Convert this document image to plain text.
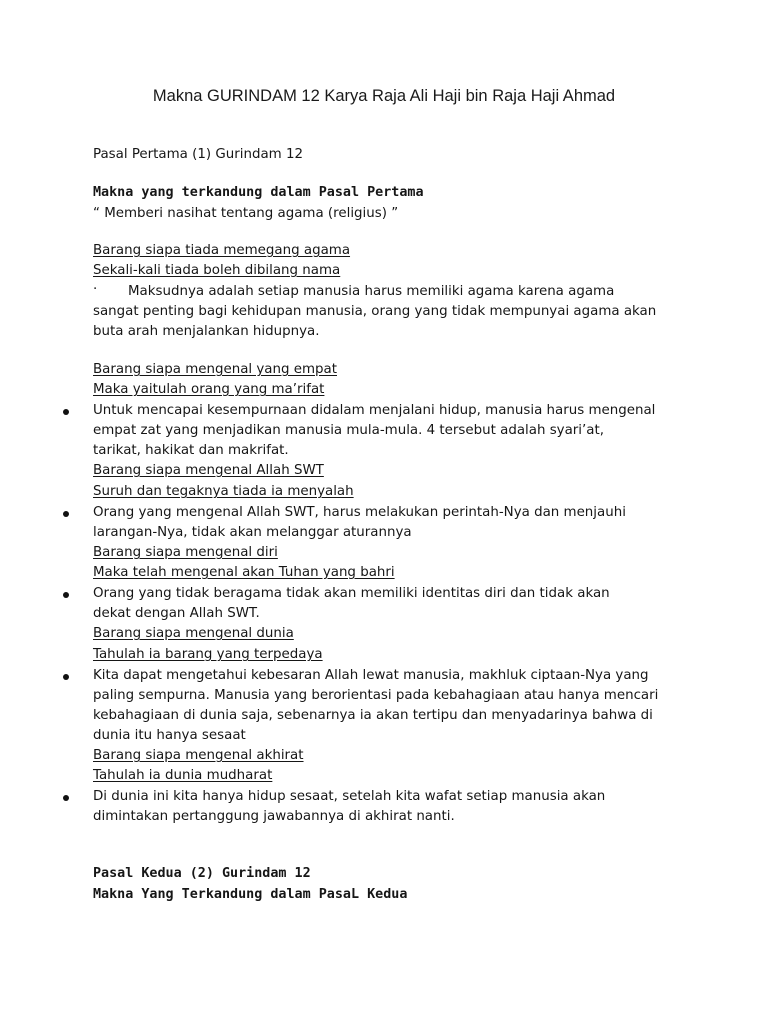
Makna GURINDAM 12 Karya Raja Ali Haji bin Raja Haji Ahmad
Pasal Pertama (1) Gurindam 12
Makna yang terkandung dalam Pasal Pertama
“ Memberi nasihat tentang agama (religius) ”
Barang siapa tiada memegang agama
Sekali-kali tiada boleh dibilang nama
· Maksudnya adalah setiap manusia harus memiliki agama karena agama
sangat penting bagi kehidupan manusia, orang yang tidak mempunyai agama akan
buta arah menjalankan hidupnya.
Barang siapa mengenal yang empat
Maka yaitulah orang yang ma’rifat
Untuk mencapai kesempurnaan didalam menjalani hidup, manusia harus mengenal
empat zat yang menjadikan manusia mula-mula. 4 tersebut adalah syari’at,
tarikat, hakikat dan makrifat.
Barang siapa mengenal Allah SWT
Suruh dan tegaknya tiada ia menyalah
Orang yang mengenal Allah SWT, harus melakukan perintah-Nya dan menjauhi
larangan-Nya, tidak akan melanggar aturannya
Barang siapa mengenal diri
Maka telah mengenal akan Tuhan yang bahri
Orang yang tidak beragama tidak akan memiliki identitas diri dan tidak akan
dekat dengan Allah SWT.
Barang siapa mengenal dunia
Tahulah ia barang yang terpedaya
Kita dapat mengetahui kebesaran Allah lewat manusia, makhluk ciptaan-Nya yang
paling sempurna. Manusia yang berorientasi pada kebahagiaan atau hanya mencari
kebahagiaan di dunia saja, sebenarnya ia akan tertipu dan menyadarinya bahwa di
dunia itu hanya sesaat
Barang siapa mengenal akhirat
Tahulah ia dunia mudharat
Di dunia ini kita hanya hidup sesaat, setelah kita wafat setiap manusia akan
dimintakan pertanggung jawabannya di akhirat nanti.
Pasal Kedua (2) Gurindam 12
Makna Yang Terkandung dalam PasaL Kedua
